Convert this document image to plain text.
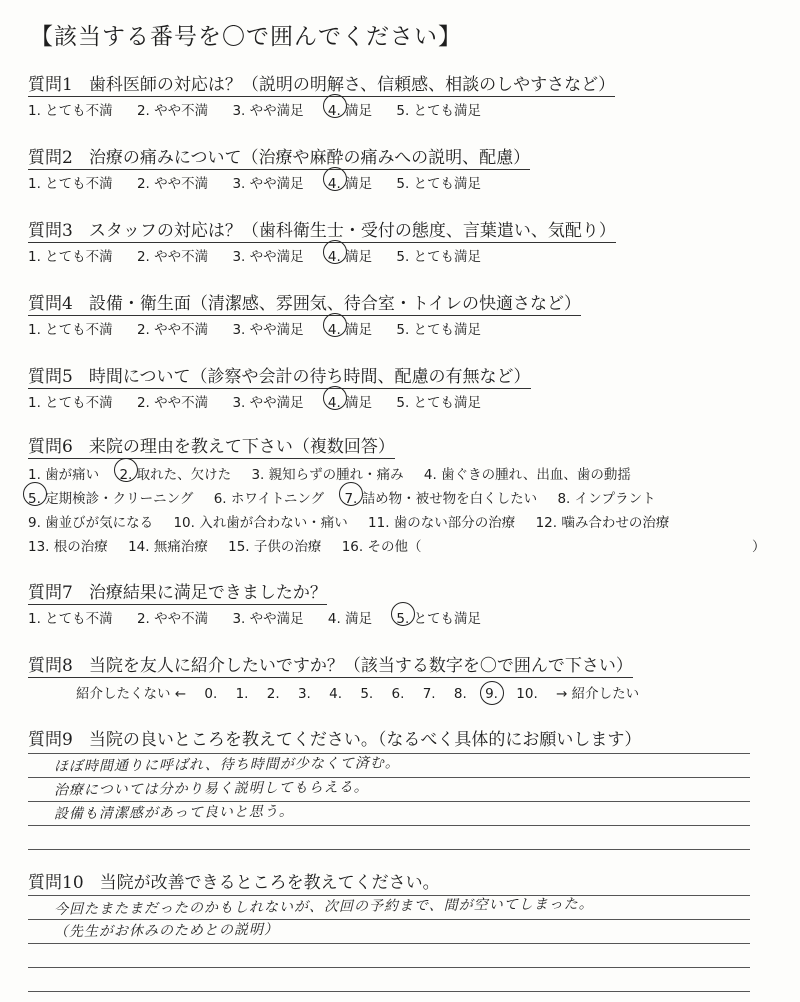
【該当する番号を〇で囲んでください】
質問1 歯科医師の対応は？（説明の明解さ、信頼感、相談のしやすさなど）
1. とても不満 2. やや不満 3. やや満足 4. 満足 5. とても満足
質問2 治療の痛みについて（治療や麻酔の痛みへの説明、配慮）
1. とても不満 2. やや不満 3. やや満足 4. 満足 5. とても満足
質問3 スタッフの対応は？（歯科衛生士・受付の態度、言葉遣い、気配り）
1. とても不満 2. やや不満 3. やや満足 4. 満足 5. とても満足
質問4 設備・衛生面（清潔感、雰囲気、待合室・トイレの快適さなど）
1. とても不満 2. やや不満 3. やや満足 4. 満足 5. とても満足
質問5 時間について（診察や会計の待ち時間、配慮の有無など）
1. とても不満 2. やや不満 3. やや満足 4. 満足 5. とても満足
質問6 来院の理由を教えて下さい（複数回答）
1. 歯が痛い 2. 取れた、欠けた 3. 親知らずの腫れ・痛み 4. 歯ぐきの腫れ、出血、歯の動揺
5. 定期検診・クリーニング 6. ホワイトニング 7. 詰め物・被せ物を白くしたい 8. インプラント
9. 歯並びが気になる 10. 入れ歯が合わない・痛い 11. 歯のない部分の治療 12. 噛み合わせの治療
13. 根の治療 14. 無痛治療 15. 子供の治療 16. その他（	）
質問7 治療結果に満足できましたか？
1. とても不満 2. やや不満 3. やや満足 4. 満足 5. とても満足
質問8 当院を友人に紹介したいですか？（該当する数字を〇で囲んで下さい）
紹介したくない ← 0. 1. 2. 3. 4. 5. 6. 7. 8. 9. 10. → 紹介したい
質問9 当院の良いところを教えてください。（なるべく具体的にお願いします）
ほぼ時間通りに呼ばれ、待ち時間が少なくて済む。
治療については分かり易く説明してもらえる。
設備も清潔感があって良いと思う。
質問10 当院が改善できるところを教えてください。
今回たまたまだったのかもしれないが、次回の予約まで、間が空いてしまった。
（先生がお休みのためとの説明）
